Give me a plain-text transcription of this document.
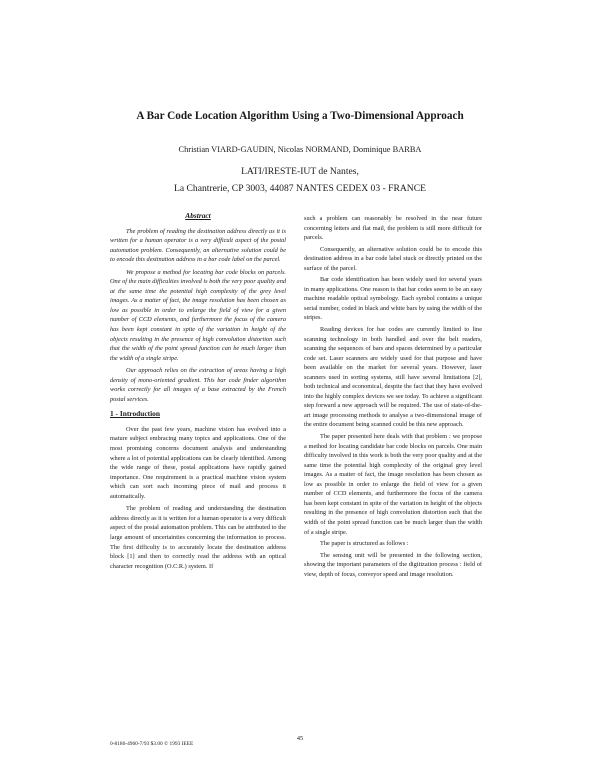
A Bar Code Location Algorithm Using a Two-Dimensional Approach
Christian VIARD-GAUDIN, Nicolas NORMAND, Dominique BARBA
LATI/IRESTE-IUT de Nantes,
La Chantrerie, CP 3003, 44087 NANTES CEDEX 03 - FRANCE

Abstract

The problem of reading the destination address directly as it is written for a human operator is a very difficult aspect of the postal automation problem. Consequently, an alternative solution could be to encode this destination address in a bar code label on the parcel.

We propose a method for locating bar code blocks on parcels. One of the main difficulties involved is both the very poor quality and at the same time the potential high complexity of the grey level images. As a matter of fact, the image resolution has been chosen as low as possible in order to enlarge the field of view for a given number of CCD elements, and furthermore the focus of the camera has been kept constant in spite of the variation in height of the objects resulting in the presence of high convolution distortion such that the width of the point spread function can be much larger than the width of a single stripe.

Our approach relies on the extraction of areas having a high density of mono-oriented gradient. This bar code finder algorithm works correctly for all images of a base extracted by the French postal services.

1 - Introduction

Over the past few years, machine vision has evolved into a mature subject embracing many topics and applications. One of the most promising concerns document analysis and understanding where a lot of potential applications can be clearly identified. Among the wide range of these, postal applications have rapidly gained importance. One requirement is a practical machine vision system which can sort each incoming piece of mail and process it automatically.

The problem of reading and understanding the destination address directly as it is written for a human operator is a very difficult aspect of the postal automation problem. This can be attributed to the large amount of uncertainties concerning the information to process. The first difficulty is to accurately locate the destination address block [1] and then to correctly read the address with an optical character recognition (O.C.R.) system. If

such a problem can reasonably be resolved in the near future concerning letters and flat mail, the problem is still more difficult for parcels.

Consequently, an alternative solution could be to encode this destination address in a bar code label stuck or directly printed on the surface of the parcel.

Bar code identification has been widely used for several years in many applications. One reason is that bar codes seem to be an easy machine readable optical symbology. Each symbol contains a unique serial number, coded in black and white bars by using the width of the stripes.

Reading devices for bar codes are currently limited to line scanning technology in both handled and over the belt readers, scanning the sequences of bars and spaces determined by a particular code set. Laser scanners are widely used for that purpose and have been available on the market for several years. However, laser scanners used in sorting systems, still have several limitations [2], both technical and economical, despite the fact that they have evolved into the highly complex devices we see today. To achieve a significant step forward a new approach will be required. The use of state-of-the-art image processing methods to analyse a two-dimensional image of the entire document being scanned could be this new approach.

The paper presented here deals with that problem : we propose a method for locating candidate bar code blocks on parcels. One main difficulty involved in this work is both the very poor quality and at the same time the potential high complexity of the original grey level images. As a matter of fact, the image resolution has been chosen as low as possible in order to enlarge the field of view for a given number of CCD elements, and furthermore the focus of the camera has been kept constant in spite of the variation in height of the objects resulting in the presence of high convolution distortion such that the width of the point spread function can be much larger than the width of a single stripe.

The paper is structured as follows :

The sensing unit will be presented in the following section, showing the important parameters of the digitization process : field of view, depth of focus, conveyor speed and image resolution.

45
0-8186-4960-7/93 $3.00 © 1993 IEEE
